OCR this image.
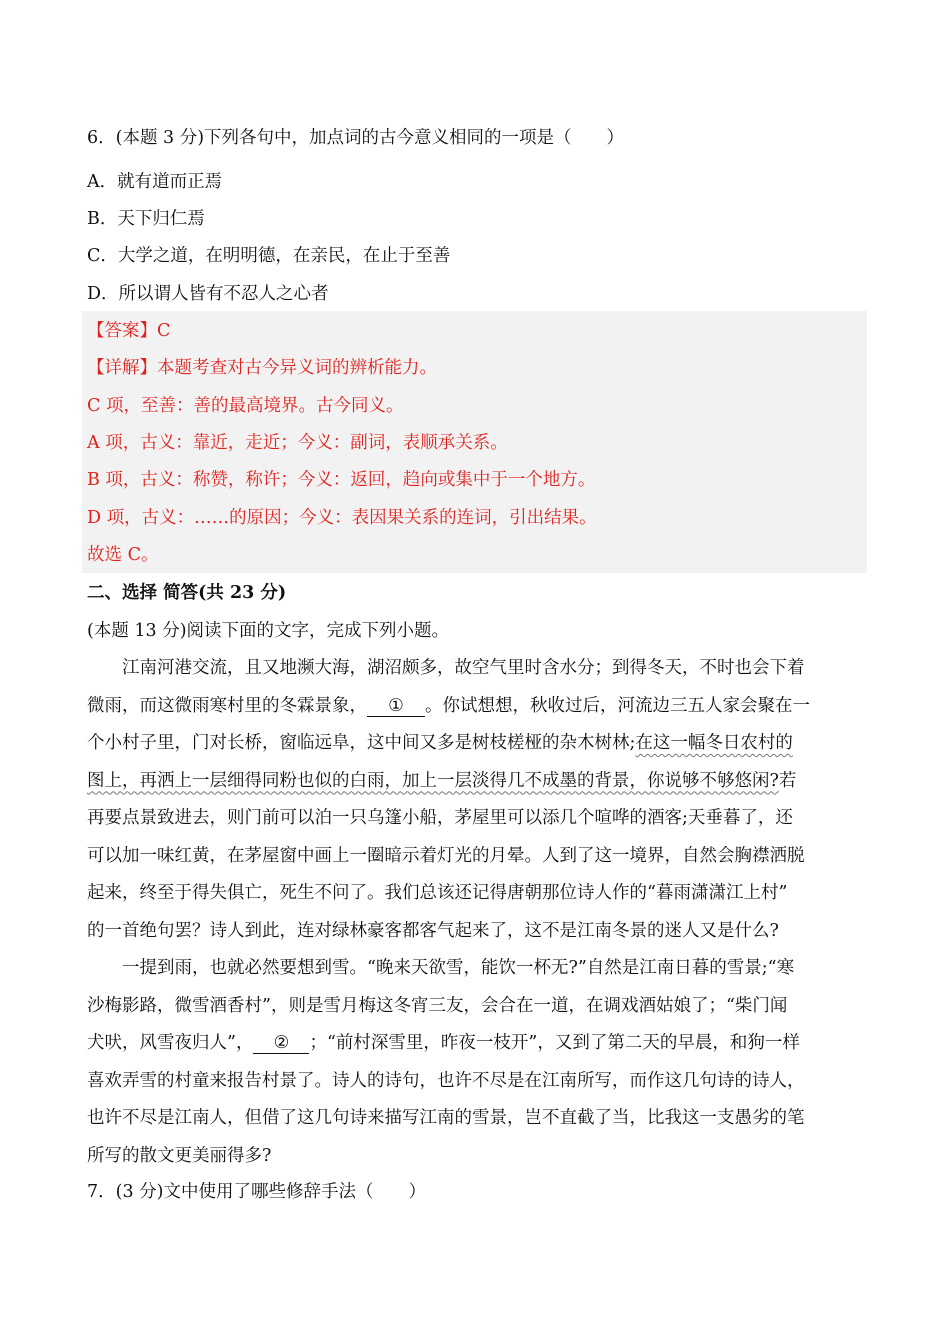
6．(本题 3 分)下列各句中，加点词的古今意义相同的一项是（　　）
A．就有道而正焉
B．天下归仁焉
C．大学之道，在明明德，在亲民，在止于至善
D．所以谓人皆有不忍人之心者
【答案】C
【详解】本题考查对古今异义词的辨析能力。
C 项，至善：善的最高境界。古今同义。
A 项，古义：靠近，走近；今义：副词，表顺承关系。
B 项，古义：称赞，称许；今义：返回，趋向或集中于一个地方。
D 项，古义：……的原因；今义：表因果关系的连词，引出结果。
故选 C。
二、选择 简答(共 23 分)
(本题 13 分)阅读下面的文字，完成下列小题。
江南河港交流，且又地濒大海，湖沼颇多，故空气里时含水分；到得冬天，不时也会下着
微雨，而这微雨寒村里的冬霖景象， ① 。你试想想，秋收过后，河流边三五人家会聚在一
个小村子里，门对长桥，窗临远阜，这中间又多是树枝槎桠的杂木树林;在这一幅冬日农村的
图上，再洒上一层细得同粉也似的白雨，加上一层淡得几不成墨的背景，你说够不够悠闲?若
再要点景致进去，则门前可以泊一只乌篷小船，茅屋里可以添几个喧哗的酒客;天垂暮了，还
可以加一味红黄，在茅屋窗中画上一圈暗示着灯光的月晕。人到了这一境界，自然会胸襟洒脱
起来，终至于得失俱亡，死生不问了。我们总该还记得唐朝那位诗人作的“暮雨潇潇江上村”
的一首绝句罢？诗人到此，连对绿林豪客都客气起来了，这不是江南冬景的迷人又是什么?
一提到雨，也就必然要想到雪。“晚来天欲雪，能饮一杯无?”自然是江南日暮的雪景;“寒
沙梅影路，微雪酒香村”，则是雪月梅这冬宵三友，会合在一道，在调戏酒姑娘了；“柴门闻
犬吠，风雪夜归人”， ② ；“前村深雪里，昨夜一枝开”，又到了第二天的早晨，和狗一样
喜欢弄雪的村童来报告村景了。诗人的诗句，也许不尽是在江南所写，而作这几句诗的诗人，
也许不尽是江南人，但借了这几句诗来描写江南的雪景，岂不直截了当，比我这一支愚劣的笔
所写的散文更美丽得多?
7．(3 分)文中使用了哪些修辞手法（　　）
